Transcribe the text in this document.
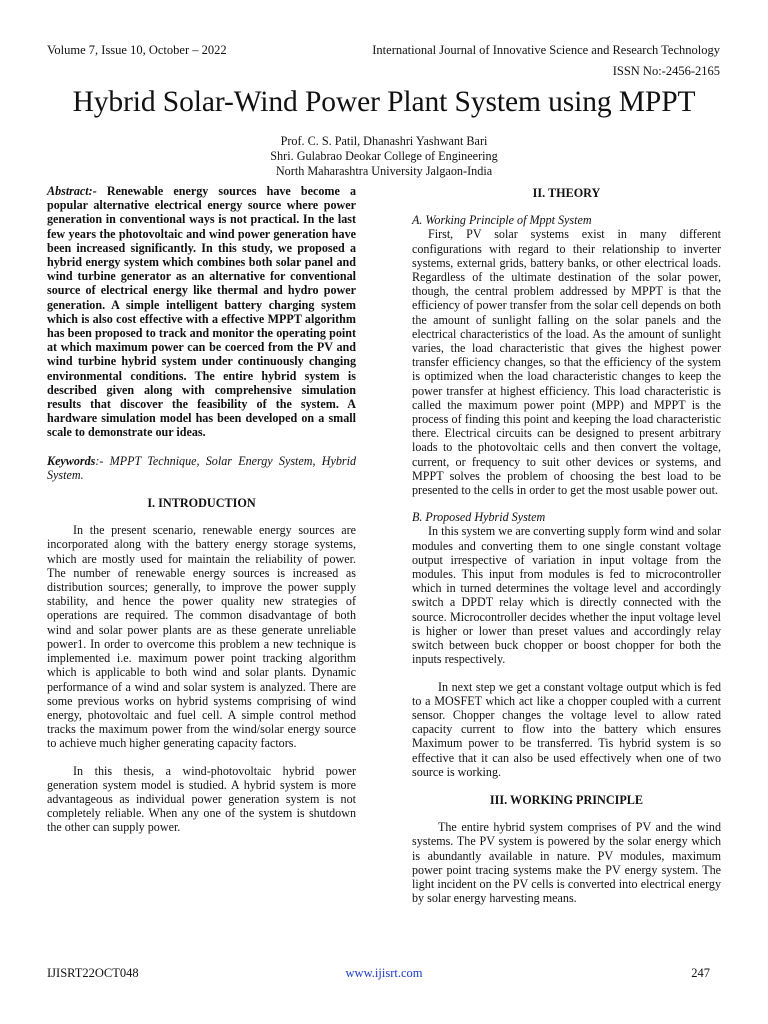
Volume 7, Issue 10, October – 2022	International Journal of Innovative Science and Research Technology
ISSN No:-2456-2165
Hybrid Solar-Wind Power Plant System using MPPT
Prof. C. S. Patil, Dhanashri Yashwant Bari
Shri. Gulabrao Deokar College of Engineering
North Maharashtra University Jalgaon-India

Abstract:- Renewable energy sources have become a popular alternative electrical energy source where power generation in conventional ways is not practical. In the last few years the photovoltaic and wind power generation have been increased significantly. In this study, we proposed a hybrid energy system which combines both solar panel and wind turbine generator as an alternative for conventional source of electrical energy like thermal and hydro power generation. A simple intelligent battery charging system which is also cost effective with a effective MPPT algorithm has been proposed to track and monitor the operating point at which maximum power can be coerced from the PV and wind turbine hybrid system under continuously changing environmental conditions. The entire hybrid system is described given along with comprehensive simulation results that discover the feasibility of the system. A hardware simulation model has been developed on a small scale to demonstrate our ideas.

Keywords:- MPPT Technique, Solar Energy System, Hybrid System.

I. INTRODUCTION

In the present scenario, renewable energy sources are incorporated along with the battery energy storage systems, which are mostly used for maintain the reliability of power. The number of renewable energy sources is increased as distribution sources; generally, to improve the power supply stability, and hence the power quality new strategies of operations are required. The common disadvantage of both wind and solar power plants are as these generate unreliable power1. In order to overcome this problem a new technique is implemented i.e. maximum power point tracking algorithm which is applicable to both wind and solar plants. Dynamic performance of a wind and solar system is analyzed. There are some previous works on hybrid systems comprising of wind energy, photovoltaic and fuel cell. A simple control method tracks the maximum power from the wind/solar energy source to achieve much higher generating capacity factors.

In this thesis, a wind-photovoltaic hybrid power generation system model is studied. A hybrid system is more advantageous as individual power generation system is not completely reliable. When any one of the system is shutdown the other can supply power.

II. THEORY

A. Working Principle of Mppt System

First, PV solar systems exist in many different configurations with regard to their relationship to inverter systems, external grids, battery banks, or other electrical loads. Regardless of the ultimate destination of the solar power, though, the central problem addressed by MPPT is that the efficiency of power transfer from the solar cell depends on both the amount of sunlight falling on the solar panels and the electrical characteristics of the load. As the amount of sunlight varies, the load characteristic that gives the highest power transfer efficiency changes, so that the efficiency of the system is optimized when the load characteristic changes to keep the power transfer at highest efficiency. This load characteristic is called the maximum power point (MPP) and MPPT is the process of finding this point and keeping the load characteristic there. Electrical circuits can be designed to present arbitrary loads to the photovoltaic cells and then convert the voltage, current, or frequency to suit other devices or systems, and MPPT solves the problem of choosing the best load to be presented to the cells in order to get the most usable power out.

B. Proposed Hybrid System

In this system we are converting supply form wind and solar modules and converting them to one single constant voltage output irrespective of variation in input voltage from the modules. This input from modules is fed to microcontroller which in turned determines the voltage level and accordingly switch a DPDT relay which is directly connected with the source. Microcontroller decides whether the input voltage level is higher or lower than preset values and accordingly relay switch between buck chopper or boost chopper for both the inputs respectively.

In next step we get a constant voltage output which is fed to a MOSFET which act like a chopper coupled with a current sensor. Chopper changes the voltage level to allow rated capacity current to flow into the battery which ensures Maximum power to be transferred. Tis hybrid system is so effective that it can also be used effectively when one of two source is working.

III. WORKING PRINCIPLE

The entire hybrid system comprises of PV and the wind systems. The PV system is powered by the solar energy which is abundantly available in nature. PV modules, maximum power point tracing systems make the PV energy system. The light incident on the PV cells is converted into electrical energy by solar energy harvesting means.

IJISRT22OCT048	www.ijisrt.com	247
